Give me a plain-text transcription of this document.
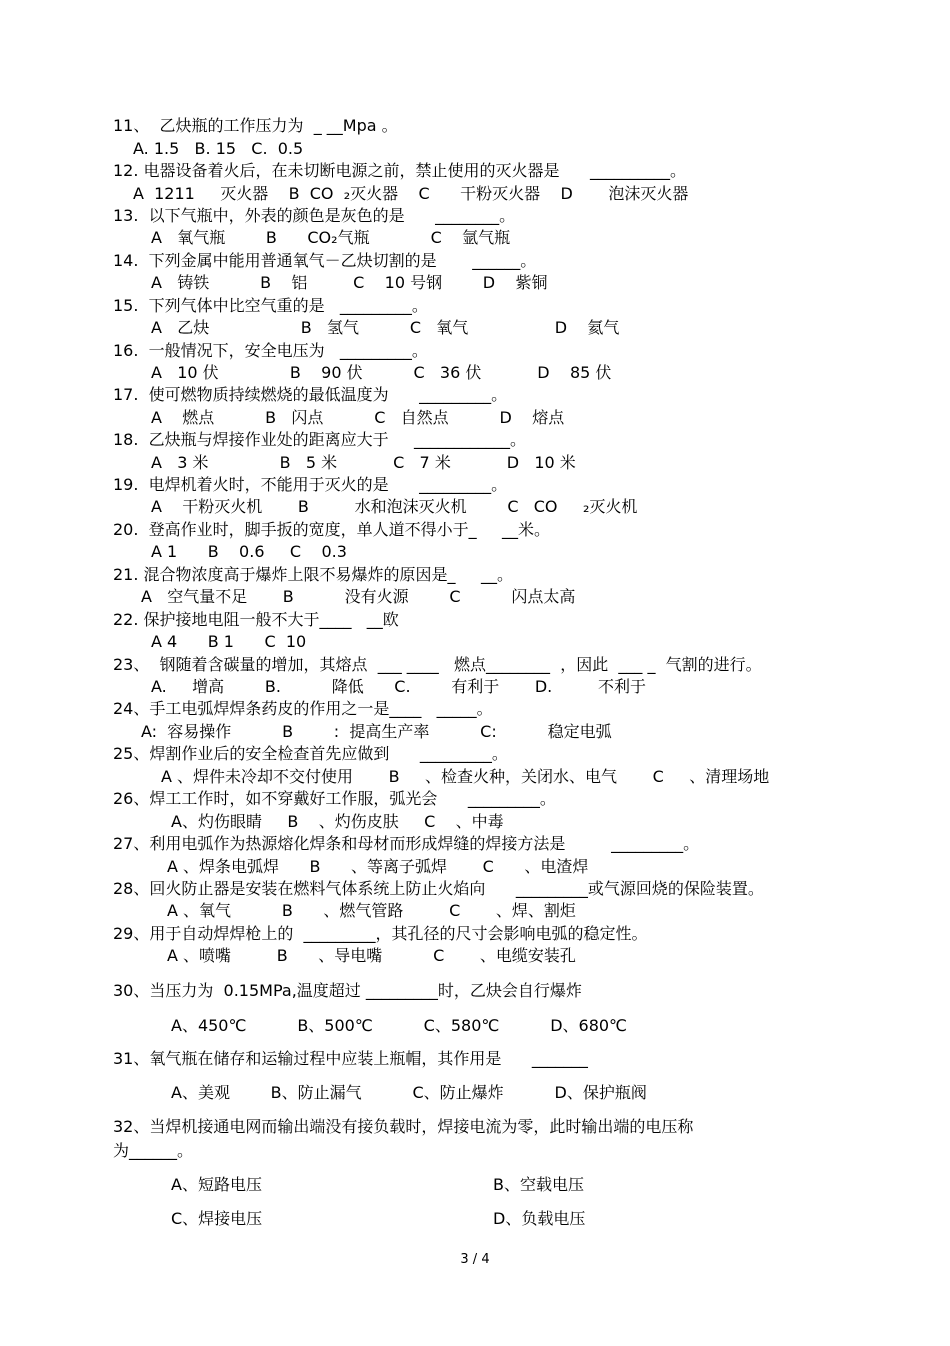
11、  乙炔瓶的工作压力为  _ __Mpa 。
A. 1.5   B. 15   C.  0.5
12. 电器设备着火后，在未切断电源之前，禁止使用的灭火器是      __________。
A  1211     灭火器    B  CO  ₂灭火器    C      干粉灭火器    D       泡沫灭火器
13.  以下气瓶中，外表的颜色是灰色的是      ________。
A   氧气瓶        B      CO₂气瓶            C    氩气瓶
14.  下列金属中能用普通氧气－乙炔切割的是       ______。
A   铸铁          B    铝         C    10 号钢        D    紫铜
15.  下列气体中比空气重的是   _________。
A   乙炔                  B   氢气          C   氧气                 D    氦气
16.  一般情况下，安全电压为   _________。
A   10 伏              B    90 伏          C   36 伏           D    85 伏
17.  使可燃物质持续燃烧的最低温度为      _________。
A    燃点          B   闪点          C   自然点          D    熔点
18.  乙炔瓶与焊接作业处的距离应大于     ____________。
A   3 米              B   5 米           C   7 米           D   10 米
19.  电焊机着火时，不能用于灭火的是      _________。
A    干粉灭火机       B         水和泡沫灭火机        C   CO     ₂灭火机
20.  登高作业时，脚手扳的宽度，单人道不得小于_     __米。
A 1      B    0.6     C    0.3
21. 混合物浓度高于爆炸上限不易爆炸的原因是_     __。
A   空气量不足       B          没有火源        C          闪点太高
22. 保护接地电阻一般不大于____   __欧
A 4      B 1      C  10
23、  钢随着含碳量的增加，其熔点  ___ ____   燃点________  ，因此  ___ _  气割的进行。
A.     增高        B.          降低      C.        有利于       D.         不利于
24、手工电弧焊焊条药皮的作用之一是____   _____。
A:  容易操作          B        :  提高生产率          C:          稳定电弧
25、焊割作业后的安全检查首先应做到      _________。
A 、焊件未冷却不交付使用       B     、检查火种，关闭水、电气       C     、清理场地
26、焊工工作时，如不穿戴好工作服，弧光会      _________。
A、灼伤眼睛     B    、灼伤皮肤     C    、中毒
27、利用电弧作为热源熔化焊条和母材而形成焊缝的焊接方法是         _________。
A 、焊条电弧焊      B      、等离子弧焊       C      、电渣焊
28、回火防止器是安装在燃料气体系统上防止火焰向      _________或气源回烧的保险装置。
A 、氧气          B      、燃气管路         C       、焊、割炬
29、用于自动焊焊枪上的  _________，其孔径的尺寸会影响电弧的稳定性。
A 、喷嘴         B      、导电嘴          C       、电缆安装孔
30、当压力为  0.15MPa,温度超过 _________时，乙炔会自行爆炸
A、450℃          B、500℃          C、580℃          D、680℃
31、氧气瓶在储存和运输过程中应装上瓶帽，其作用是      _______
A、美观        B、防止漏气          C、防止爆炸          D、保护瓶阀
32、当焊机接通电网而输出端没有接负载时，焊接电流为零，此时输出端的电压称
为______。
A、短路电压	B、空载电压
C、焊接电压	D、负载电压
3 / 4
